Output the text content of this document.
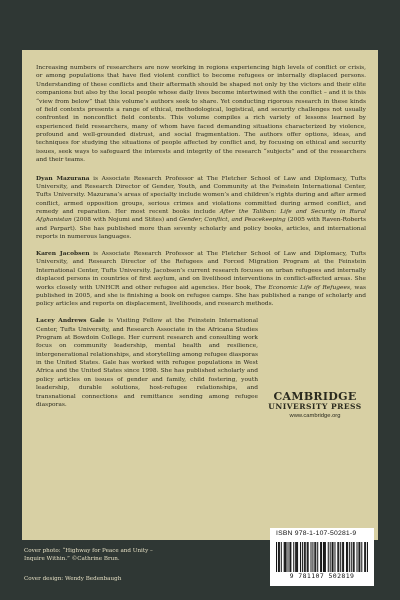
Increasing numbers of researchers are now working in regions experiencing high levels of conflict or crisis, or among populations that have fled violent conflict to become refugees or internally displaced persons. Understanding of these conflicts and their aftermath should be shaped not only by the victors and their elite companions but also by the local people whose daily lives become intertwined with the conflict – and it is this “view from below” that this volume’s authors seek to share. Yet conducting rigorous research in these kinds of field contexts presents a range of ethical, methodological, logistical, and security challenges not usually confronted in nonconflict field contexts. This volume compiles a rich variety of lessons learned by experienced field researchers, many of whom have faced demanding situations characterized by violence, profound and well-grounded distrust, and social fragmentation. The authors offer options, ideas, and techniques for studying the situations of people affected by conflict and, by focusing on ethical and security issues, seek ways to safeguard the interests and integrity of the research “subjects” and of the researchers and their teams.

Dyan Mazurana is Associate Research Professor at The Fletcher School of Law and Diplomacy, Tufts University, and Research Director of Gender, Youth, and Community at the Feinstein International Center, Tufts University. Mazurana’s areas of specialty include women’s and children’s rights during and after armed conflict, armed opposition groups, serious crimes and violations committed during armed conflict, and remedy and reparation. Her most recent books include After the Taliban: Life and Security in Rural Afghanistan (2008 with Nojumi and Stites) and Gender, Conflict, and Peacekeeping (2005 with Raven-Roberts and Parpart). She has published more than seventy scholarly and policy books, articles, and international reports in numerous languages.

Karen Jacobsen is Associate Research Professor at The Fletcher School of Law and Diplomacy, Tufts University, and Research Director of the Refugees and Forced Migration Program at the Feinstein International Center, Tufts University. Jacobsen’s current research focuses on urban refugees and internally displaced persons in countries of first asylum, and on livelihood interventions in conflict-affected areas. She works closely with UNHCR and other refugee aid agencies. Her book, The Economic Life of Refugees, was published in 2005, and she is finishing a book on refugee camps. She has published a range of scholarly and policy articles and reports on displacement, livelihoods, and research methods.

Lacey Andrews Gale is Visiting Fellow at the Feinstein International Center, Tufts University, and Research Associate in the Africana Studies Program at Bowdoin College. Her current research and consulting work focus on community leadership, mental health and resilience, intergenerational relationships, and storytelling among refugee diasporas in the United States. Gale has worked with refugee populations in West Africa and the United States since 1998. She has published scholarly and policy articles on issues of gender and family, child fostering, youth leadership, durable solutions, host-refugee relationships, and transnational connections and remittance sending among refugee diasporas.

CAMBRIDGE
UNIVERSITY PRESS
www.cambridge.org
ISBN 978-1-107-50281-9
9 781107 502819
Cover photo: “Highway for Peace and Unity –
Inquire Within.” ©Cathrine Brun.
Cover design: Wendy Bedenbaugh
